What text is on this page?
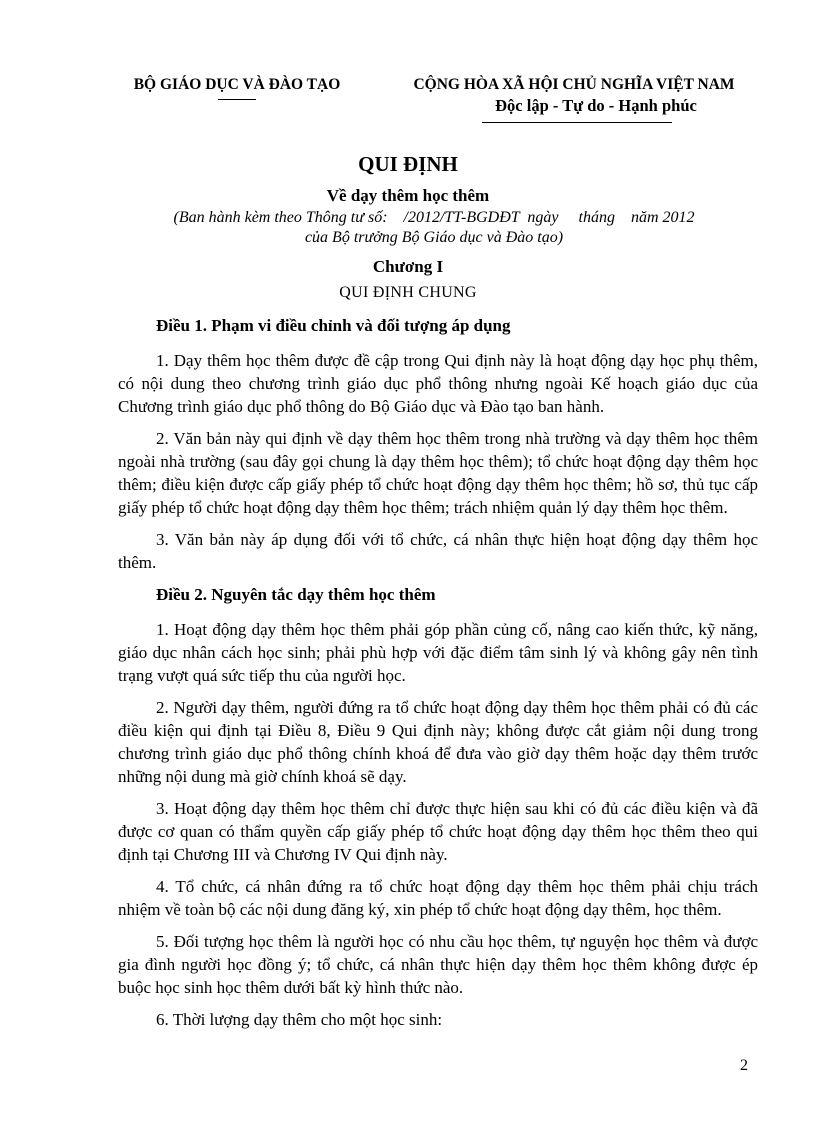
BỘ GIÁO DỤC VÀ ĐÀO TẠO	CỘNG HÒA XÃ HỘI CHỦ NGHĨA VIỆT NAM
Độc lập - Tự do - Hạnh phúc
QUI ĐỊNH
Về dạy thêm học thêm
(Ban hành kèm theo Thông tư số:    /2012/TT-BGDĐT  ngày     tháng    năm 2012
của Bộ trưởng Bộ Giáo dục và Đào tạo)
Chương I
QUI ĐỊNH CHUNG
Điều 1. Phạm vi điều chỉnh và đối tượng áp dụng

1. Dạy thêm học thêm được đề cập trong Qui định này là hoạt động dạy học phụ thêm, có nội dung theo chương trình giáo dục phổ thông nhưng ngoài Kế hoạch giáo dục của Chương trình giáo dục phổ thông do Bộ Giáo dục và Đào tạo ban hành.

2. Văn bản này qui định về dạy thêm học thêm trong nhà trường và dạy thêm học thêm ngoài nhà trường (sau đây gọi chung là dạy thêm học thêm); tổ chức hoạt động dạy thêm học thêm; điều kiện được cấp giấy phép tổ chức hoạt động dạy thêm học thêm; hồ sơ, thủ tục cấp giấy phép tổ chức hoạt động dạy thêm học thêm; trách nhiệm quản lý dạy thêm học thêm.

3. Văn bản này áp dụng đối với tổ chức, cá nhân thực hiện hoạt động dạy thêm học thêm.

Điều 2. Nguyên tắc dạy thêm học thêm

1. Hoạt động dạy thêm học thêm phải góp phần củng cố, nâng cao kiến thức, kỹ năng, giáo dục nhân cách học sinh; phải phù hợp với đặc điểm tâm sinh lý và không gây nên tình trạng vượt quá sức tiếp thu của người học.

2. Người dạy thêm, người đứng ra tổ chức hoạt động dạy thêm học thêm phải có đủ các điều kiện qui định tại Điều 8, Điều 9 Qui định này; không được cắt giảm nội dung trong chương trình giáo dục phổ thông chính khoá để đưa vào giờ dạy thêm hoặc dạy thêm trước những nội dung mà giờ chính khoá sẽ dạy.

3. Hoạt động dạy thêm học thêm chỉ được thực hiện sau khi có đủ các điều kiện và đã được cơ quan có thẩm quyền cấp giấy phép tổ chức hoạt động dạy thêm học thêm theo qui định tại Chương III và Chương IV Qui định này.

4. Tổ chức, cá nhân đứng ra tổ chức hoạt động dạy thêm học thêm phải chịu trách nhiệm về toàn bộ các nội dung đăng ký, xin phép tổ chức hoạt động dạy thêm, học thêm.

5. Đối tượng học thêm là người học có nhu cầu học thêm, tự nguyện học thêm và được gia đình người học đồng ý; tổ chức, cá nhân thực hiện dạy thêm học thêm không được ép buộc học sinh học thêm dưới bất kỳ hình thức nào.

6. Thời lượng dạy thêm cho một học sinh:

2
